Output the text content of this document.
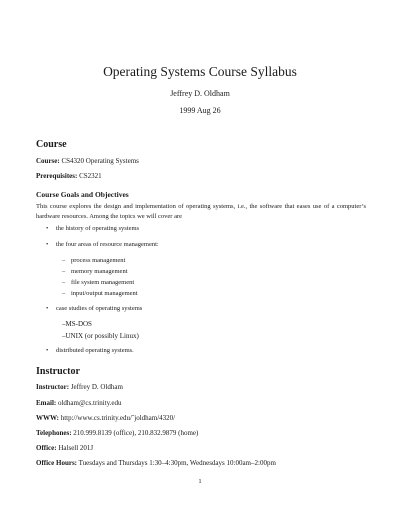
Operating Systems Course Syllabus
Jeffrey D. Oldham
1999 Aug 26
Course
Course: CS4320 Operating Systems
Prerequisites: CS2321
Course Goals and Objectives
This course explores the design and implementation of operating systems, i.e., the software that eases use of a computer’s hardware resources. Among the topics we will cover are
• the history of operating systems
• the four areas of resource management:
– process management
– memory management
– file system management
– input/output management
• case studies of operating systems
–MS-DOS
–UNIX (or possibly Linux)
• distributed operating systems.
Instructor
Instructor: Jeffrey D. Oldham
Email: oldham@cs.trinity.edu
WWW: http://www.cs.trinity.edu/˜joldham/4320/
Telephones: 210.999.8139 (office), 210.832.9879 (home)
Office: Halsell 201J
Office Hours: Tuesdays and Thursdays 1:30–4:30pm, Wednesdays 10:00am–2:00pm
1
